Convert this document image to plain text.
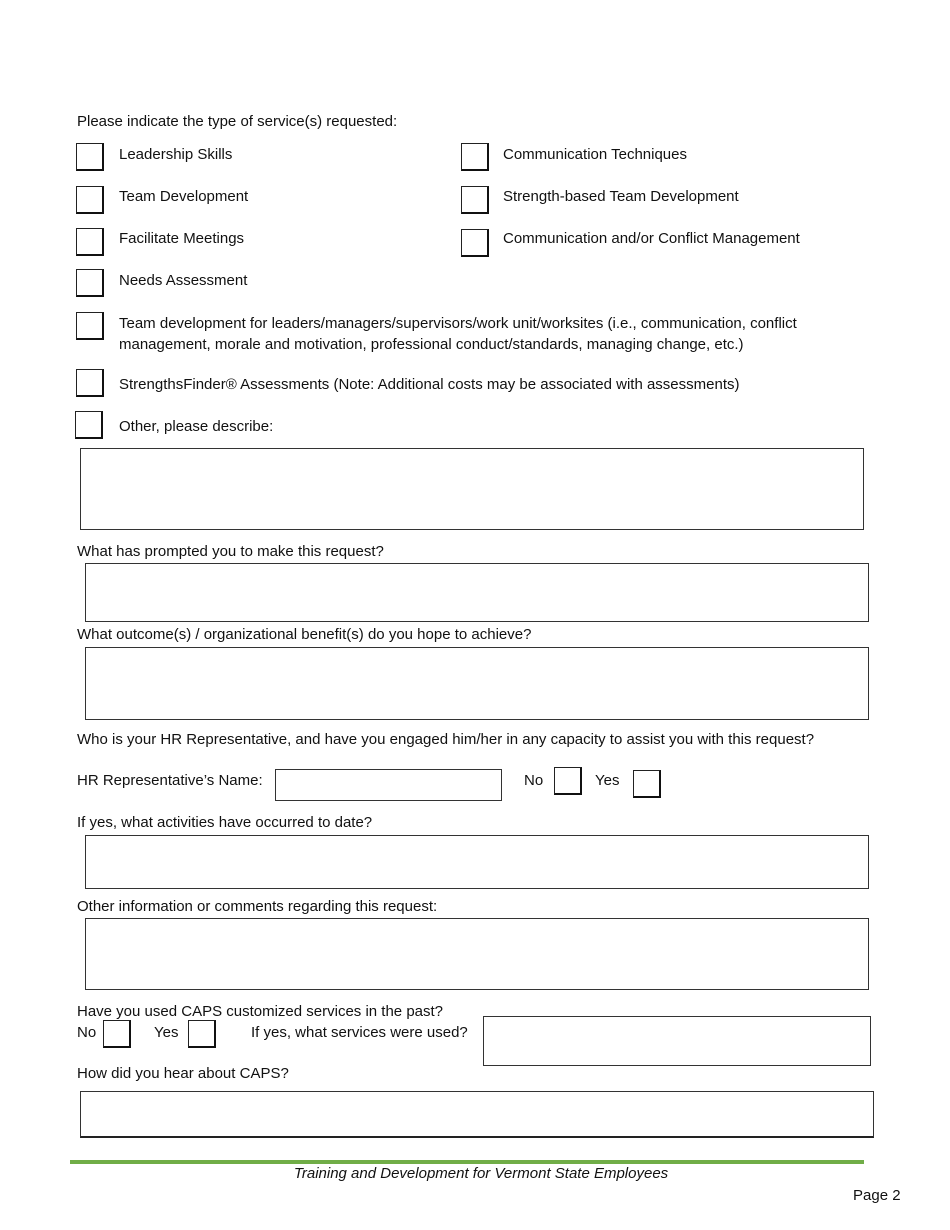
Please indicate the type of service(s) requested:
Leadership Skills
Team Development
Facilitate Meetings
Needs Assessment
Team development for leaders/managers/supervisors/work unit/worksites (i.e., communication, conflict management, morale and motivation, professional conduct/standards, managing change, etc.)
StrengthsFinder® Assessments (Note: Additional costs may be associated with assessments)
Other, please describe:
Communication Techniques
Strength-based Team Development
Communication and/or Conflict Management
What has prompted you to make this request?
What outcome(s) / organizational benefit(s) do you hope to achieve?
Who is your HR Representative, and have you engaged him/her in any capacity to assist you with this request?
HR Representative’s Name:	No	Yes
If yes, what activities have occurred to date?
Other information or comments regarding this request:
Have you used CAPS customized services in the past?
No	Yes	If yes, what services were used?
How did you hear about CAPS?
Training and Development for Vermont State Employees
Page 2
